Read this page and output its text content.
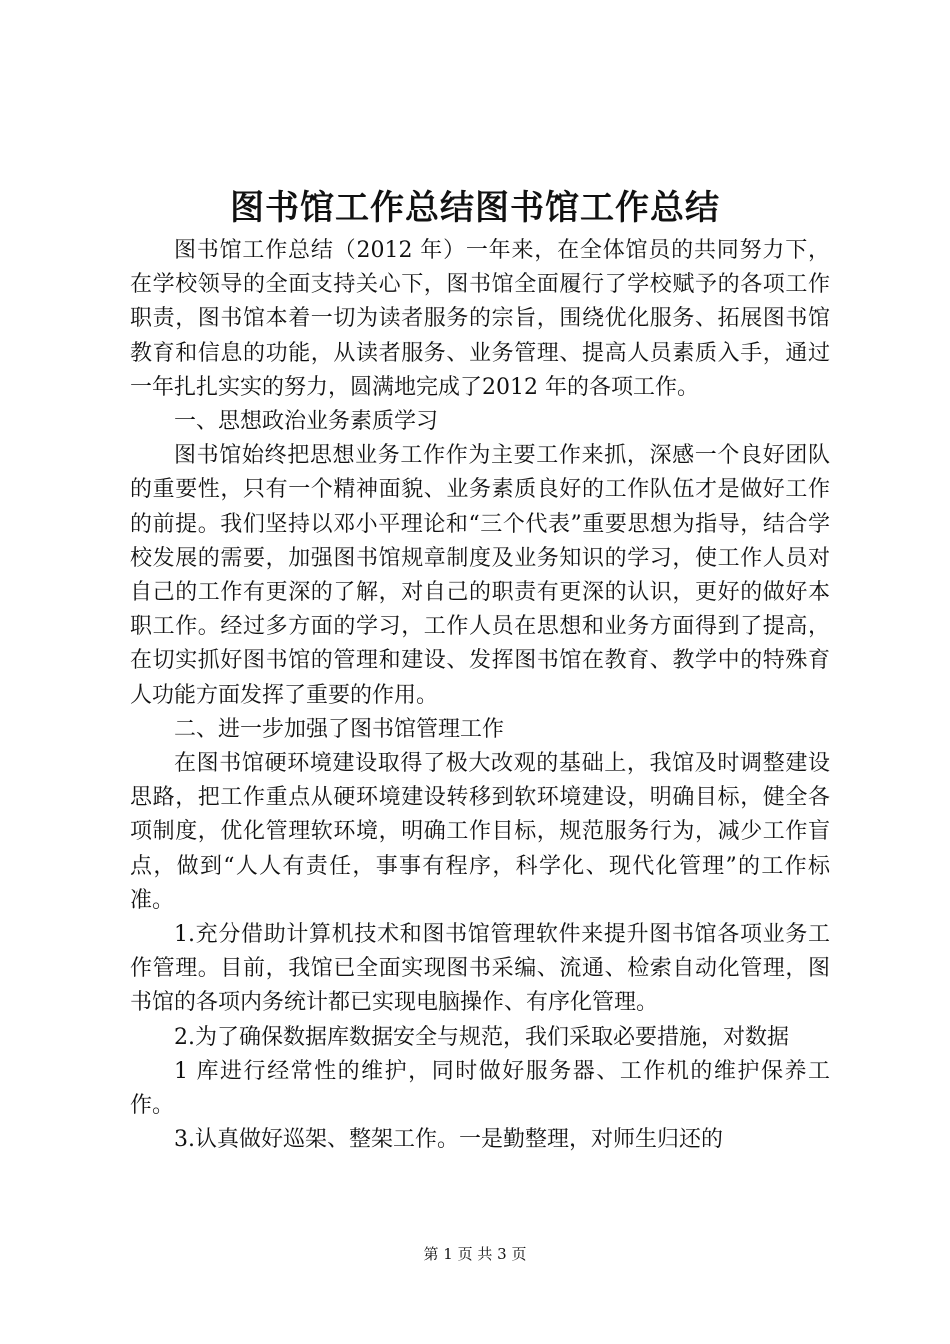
图书馆工作总结图书馆工作总结

图书馆工作总结（2012 年）一年来，在全体馆员的共同努力下，在学校领导的全面支持关心下，图书馆全面履行了学校赋予的各项工作职责，图书馆本着一切为读者服务的宗旨，围绕优化服务、拓展图书馆教育和信息的功能，从读者服务、业务管理、提高人员素质入手，通过一年扎扎实实的努力，圆满地完成了2012 年的各项工作。

一、思想政治业务素质学习

图书馆始终把思想业务工作作为主要工作来抓，深感一个良好团队的重要性，只有一个精神面貌、业务素质良好的工作队伍才是做好工作的前提。我们坚持以邓小平理论和“三个代表”重要思想为指导，结合学校发展的需要，加强图书馆规章制度及业务知识的学习，使工作人员对自己的工作有更深的了解，对自己的职责有更深的认识，更好的做好本职工作。经过多方面的学习，工作人员在思想和业务方面得到了提高，在切实抓好图书馆的管理和建设、发挥图书馆在教育、教学中的特殊育人功能方面发挥了重要的作用。

二、进一步加强了图书馆管理工作

在图书馆硬环境建设取得了极大改观的基础上，我馆及时调整建设思路，把工作重点从硬环境建设转移到软环境建设，明确目标，健全各项制度，优化管理软环境，明确工作目标，规范服务行为，减少工作盲点，做到“人人有责任，事事有程序，科学化、现代化管理”的工作标准。

1.充分借助计算机技术和图书馆管理软件来提升图书馆各项业务工作管理。目前，我馆已全面实现图书采编、流通、检索自动化管理，图书馆的各项内务统计都已实现电脑操作、有序化管理。

2.为了确保数据库数据安全与规范，我们采取必要措施，对数据

1 库进行经常性的维护，同时做好服务器、工作机的维护保养工作。

3.认真做好巡架、整架工作。一是勤整理，对师生归还的

第 1 页 共 3 页
